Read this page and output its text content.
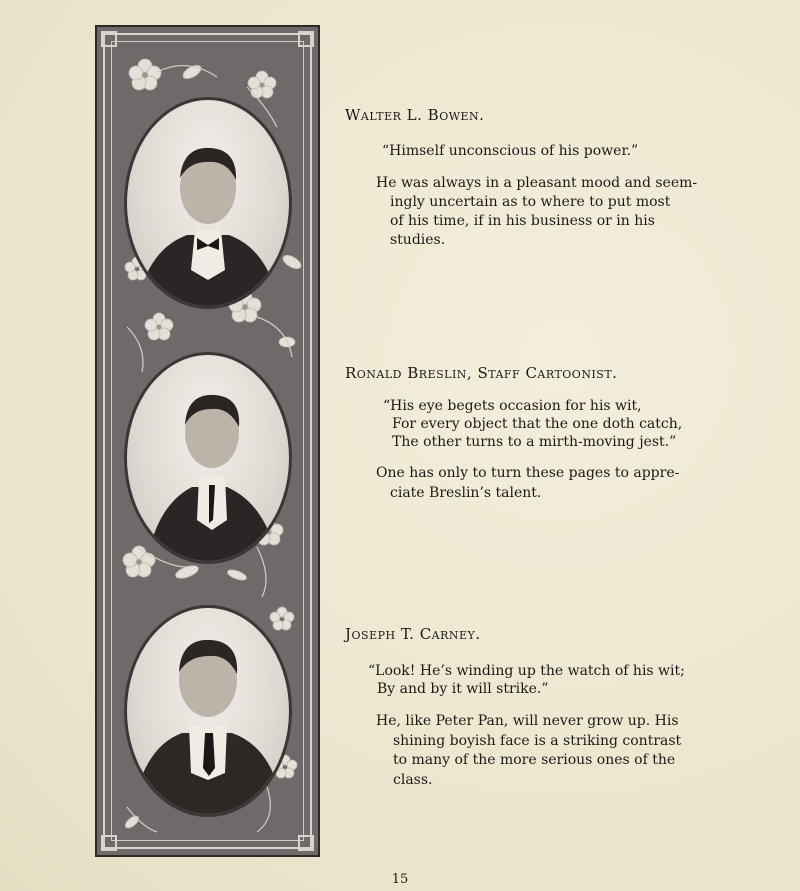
Walter L. Bowen.
“Himself unconscious of his power.”
He was always in a pleasant mood and seem-
ingly uncertain as to where to put most
of his time, if in his business or in his
studies.
Ronald Breslin, Staff Cartoonist.
“His eye begets occasion for his wit,
For every object that the one doth catch,
The other turns to a mirth-moving jest.”
One has only to turn these pages to appre-
ciate Breslin’s talent.
Joseph T. Carney.
“Look! He’s winding up the watch of his wit;
By and by it will strike.”
He, like Peter Pan, will never grow up. His
shining boyish face is a striking contrast
to many of the more serious ones of the
class.
15
